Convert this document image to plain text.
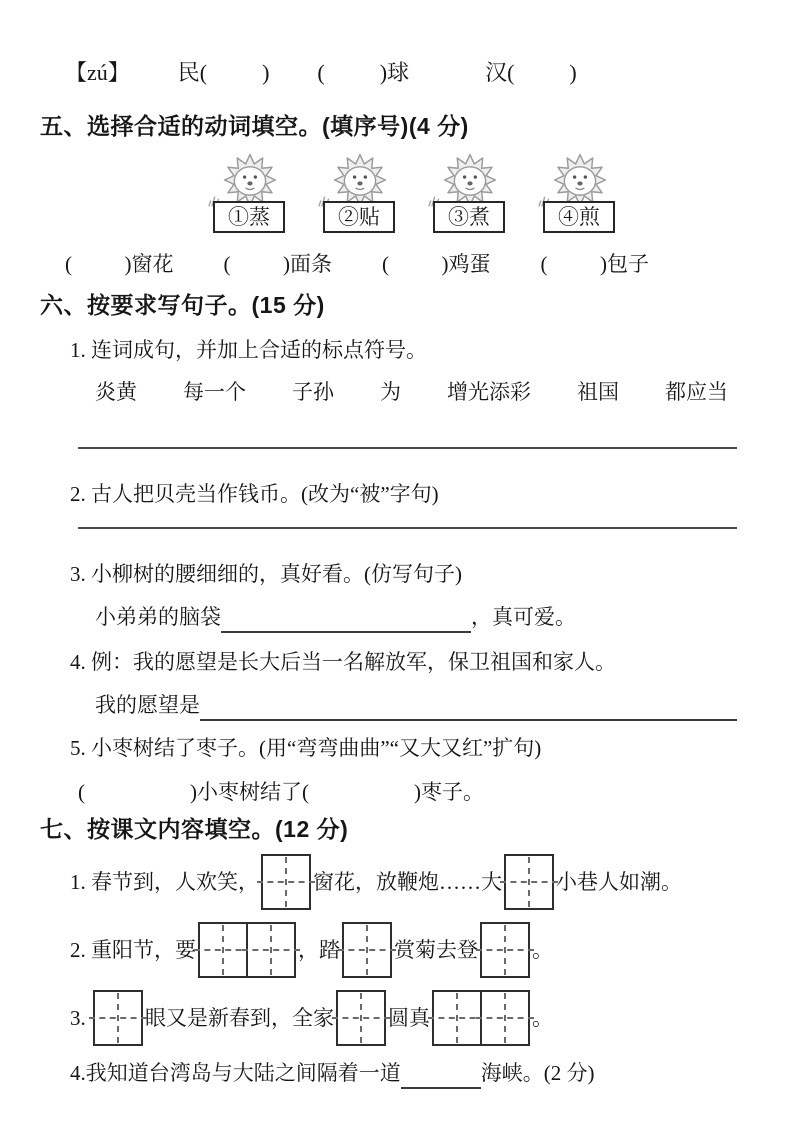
【zú】 民(          ) (          )球	汉(          )
五、选择合适的动词填空。(填序号)(4 分)
①蒸	②贴	③煮	④煎
(          )窗花 (          )面条 (          )鸡蛋 (          )包子
六、按要求写句子。(15 分)
1. 连词成句，并加上合适的标点符号。
炎黄 每一个 子孙 为 增光添彩 祖国 都应当
2. 古人把贝壳当作钱币。(改为“被”字句)
3. 小柳树的腰细细的，真好看。(仿写句子)
小弟弟的脑袋	，真可爱。
4. 例：我的愿望是长大后当一名解放军，保卫祖国和家人。
我的愿望是
5. 小枣树结了枣子。(用“弯弯曲曲”“又大又红”扩句)
(                    )小枣树结了(                    )枣子。
七、按课文内容填空。(12 分)
1. 春节到，人欢笑，	窗花，放鞭炮……大	小巷人如潮。
2. 重阳节，要	，踏	赏菊去登	。
3.	眼又是新春到，全家	圆真	。
4.我知道台湾岛与大陆之间隔着一道	海峡。(2 分)
